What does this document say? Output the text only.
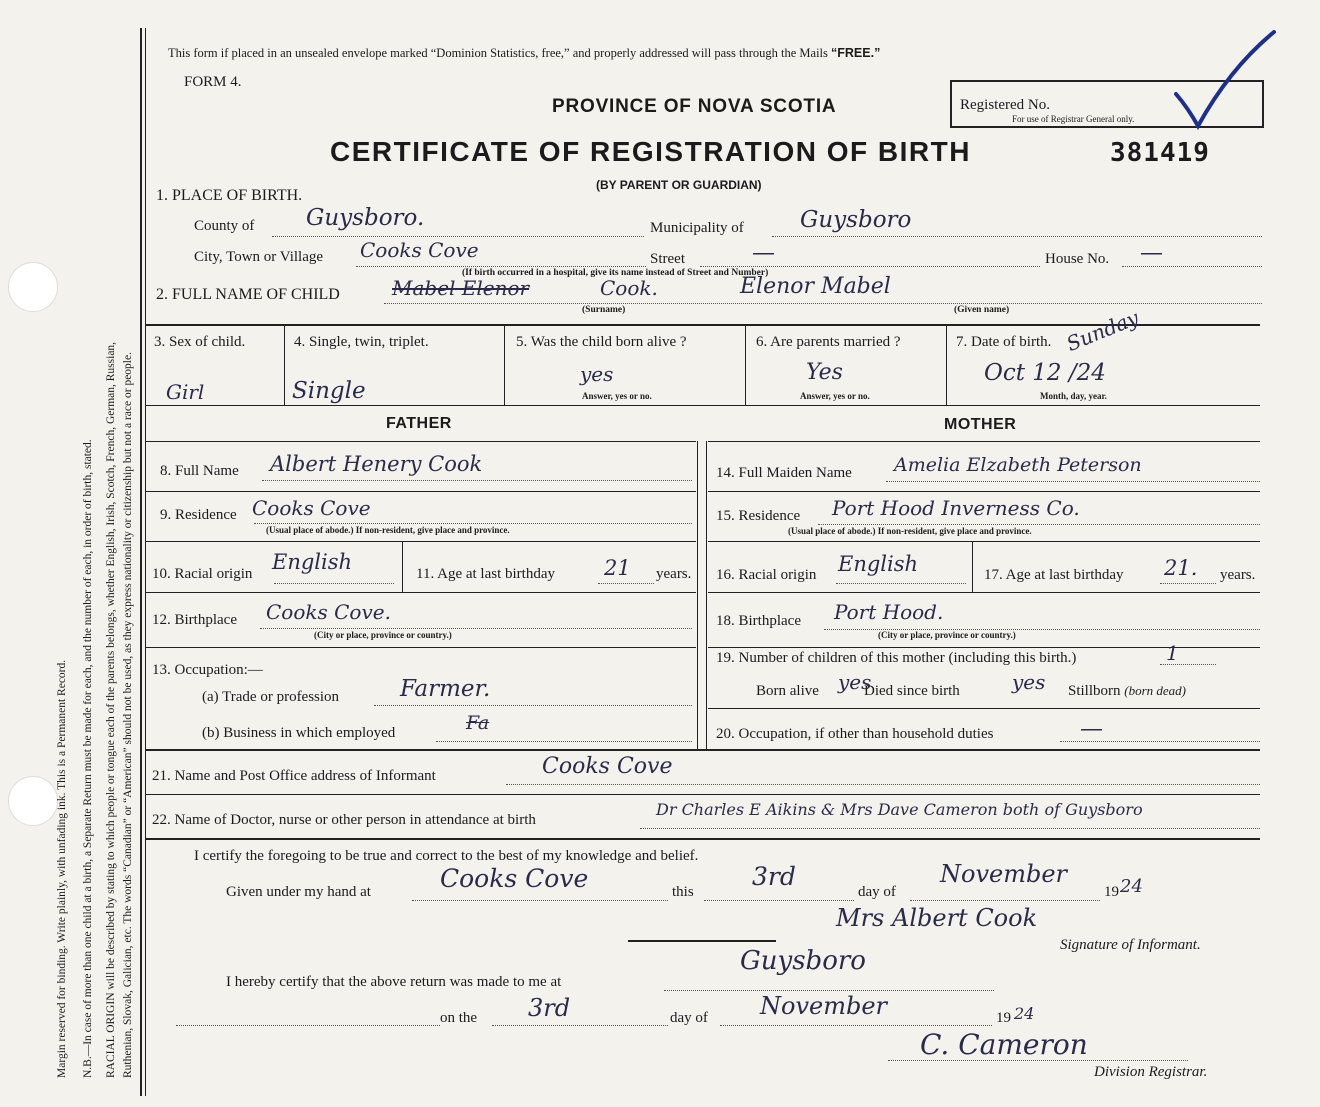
Margin reserved for binding. Write plainly, with unfading ink. This is a Permanent Record. N.B.—In case of more than one child at a birth, a Separate Return must be made for each, and the number of each, in order of birth, stated. RACIAL ORIGIN will be described by stating to which people or tongue each of the parents belongs, whether English, Irish, Scotch, French, German, Russian, Ruthenian, Slovak, Galician, etc. The words “Canadian” or “American” should not be used, as they express nationality or citizenship but not a race or people.
This form if placed in an unsealed envelope marked “Dominion Statistics, free,” and properly addressed will pass through the Mails “FREE.”
FORM 4.
PROVINCE OF NOVA SCOTIA
CERTIFICATE OF REGISTRATION OF BIRTH
(BY PARENT OR GUARDIAN)
Registered No.
For use of Registrar General only.
381419
1. PLACE OF BIRTH.
County of Guysboro.	Municipality of Guysboro
City, Town or Village Cooks Cove	Street	—	House No. —
(If birth occurred in a hospital, give its name instead of Street and Number)
2. FULL NAME OF CHILD	Mabel Elenor	Cook.	Elenor Mabel
(Surname)	(Given name)
3. Sex of child.
Girl
4. Single, twin, triplet.
Single
5. Was the child born alive ?
yes
Answer, yes or no.
6. Are parents married ?
Yes
Answer, yes or no.
7. Date of birth.
Oct 12 /24
Sunday
Month, day, year.
FATHER	MOTHER
8. Full Name Albert Henery Cook
9. Residence Cooks Cove
(Usual place of abode.) If non-resident, give place and province.
10. Racial origin English	11. Age at last birthday 21 years.
12. Birthplace Cooks Cove.
(City or place, province or country.)
13. Occupation:—
(a) Trade or profession	Farmer.
(b) Business in which employed	Fa
14. Full Maiden Name Amelia Elzabeth Peterson
15. Residence Port Hood Inverness Co.
(Usual place of abode.) If non-resident, give place and province.
16. Racial origin English	17. Age at last birthday 21. years.
18. Birthplace Port Hood.
(City or place, province or country.)
19. Number of children of this mother (including this birth.)	1
Born alive yes
Died since birth	yes Stillborn (born dead)
20. Occupation, if other than household duties	—
21. Name and Post Office address of Informant	Cooks Cove
22. Name of Doctor, nurse or other person in attendance at birth
Dr Charles E Aikins & Mrs Dave Cameron both of Guysboro
I certify the foregoing to be true and correct to the best of my knowledge and belief.
Given under my hand at	Cooks Cove	this
3rd
day of
November
19 24
Mrs Albert Cook
Signature of Informant.
I hereby certify that the above return was made to me at
Guysboro
on the 3rd	day of November	19 24
C. Cameron
Division Registrar.
